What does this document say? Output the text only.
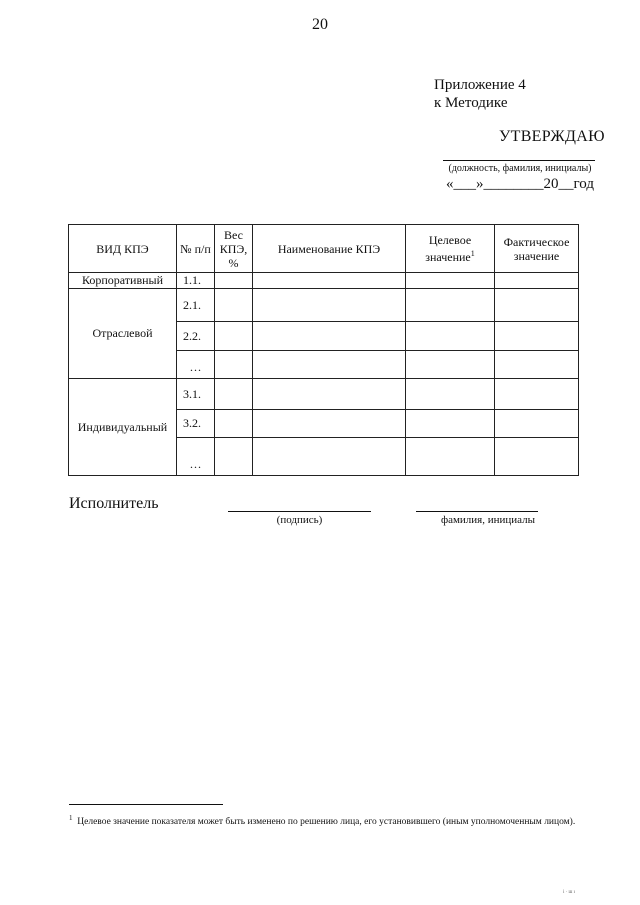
20
Приложение 4
к Методике
УТВЕРЖДАЮ
(должность, фамилия, инициалы)
«___»________20__год
ВИД КПЭ	№ п/п	Вес КПЭ, %	Наименование КПЭ	Целевое значение$^1$	Фактическое значение
Корпоративный	1.1.				
Отраслевой	2.1.				
	2.2.				
	…				
Индивидуальный	3.1.				
	3.2.				
	…				
Исполнитель
(подпись)	фамилия, инициалы
$^1$ Целевое значение показателя может быть изменено по решению лица, его установившего (иным уполномоченным лицом).
i · ш ı
